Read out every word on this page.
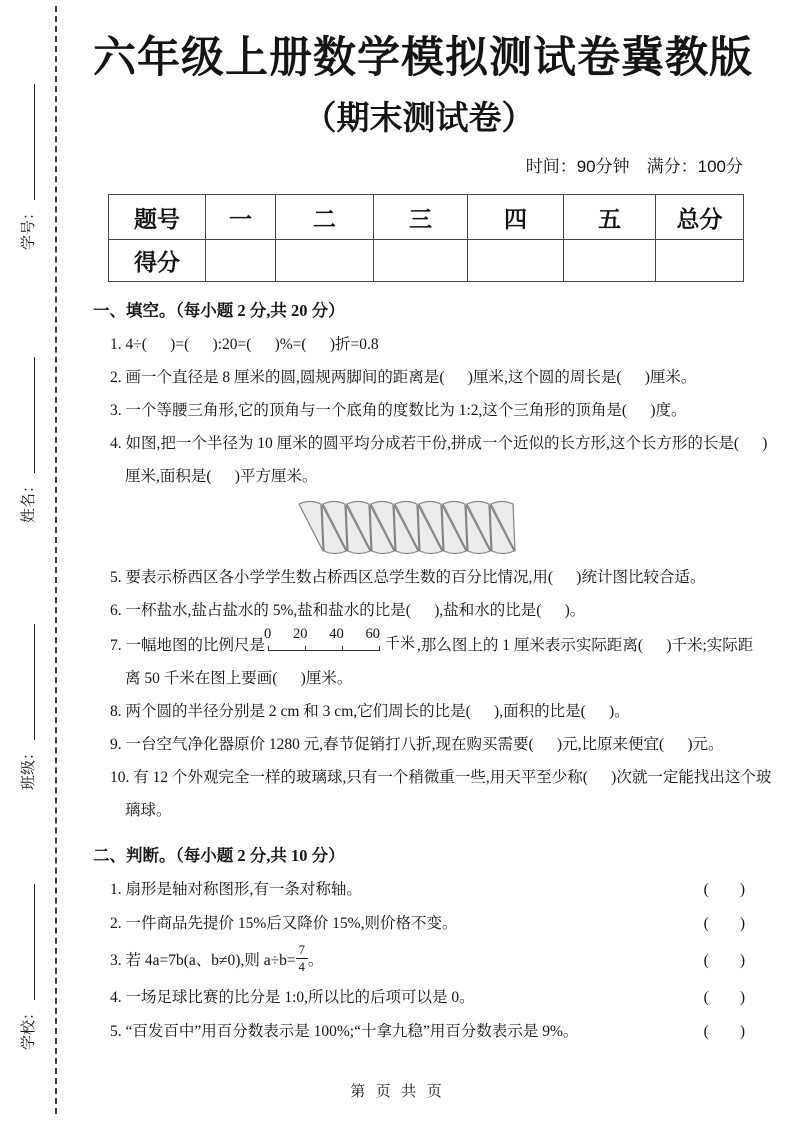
学号：
姓名：
班级：
学校：
六年级上册数学模拟测试卷冀教版
（期末测试卷）
时间：90分钟　满分：100分
题号	一	二	三	四	五	总分
得分						
一、填空。（每小题 2 分,共 20 分）
1. 4÷(      )=(      ):20=(      )%=(      )折=0.8
2. 画一个直径是 8 厘米的圆,圆规两脚间的距离是(      )厘米,这个圆的周长是(      )厘米。
3. 一个等腰三角形,它的顶角与一个底角的度数比为 1:2,这个三角形的顶角是(      )度。
4. 如图,把一个半径为 10 厘米的圆平均分成若干份,拼成一个近似的长方形,这个长方形的长是(      )
厘米,面积是(      )平方厘米。
5. 要表示桥西区各小学学生数占桥西区总学生数的百分比情况,用(      )统计图比较合适。
6. 一杯盐水,盐占盐水的 5%,盐和盐水的比是(      ),盐和水的比是(      )。
7. 一幅地图的比例尺是
0 20 40 60
千米 ,那么图上的 1 厘米表示实际距离(      )千米;实际距
离 50 千米在图上要画(      )厘米。
8. 两个圆的半径分别是 2 cm 和 3 cm,它们周长的比是(      ),面积的比是(      )。
9. 一台空气净化器原价 1280 元,春节促销打八折,现在购买需要(      )元,比原来便宜(      )元。
10. 有 12 个外观完全一样的玻璃球,只有一个稍微重一些,用天平至少称(      )次就一定能找出这个玻
璃球。
二、判断。（每小题 2 分,共 10 分）
1. 扇形是轴对称图形,有一条对称轴。	(        )
2. 一件商品先提价 15%后又降价 15%,则价格不变。	(        )
3. 若 4a=7b(a、b≠0),则 $a\div b= \frac{7}{4}$ 。	(        )
4. 一场足球比赛的比分是 1:0,所以比的后项可以是 0。	(        )
5. “百发百中”用百分数表示是 100%;“十拿九稳”用百分数表示是 9%。	(        )
第  页  共  页
